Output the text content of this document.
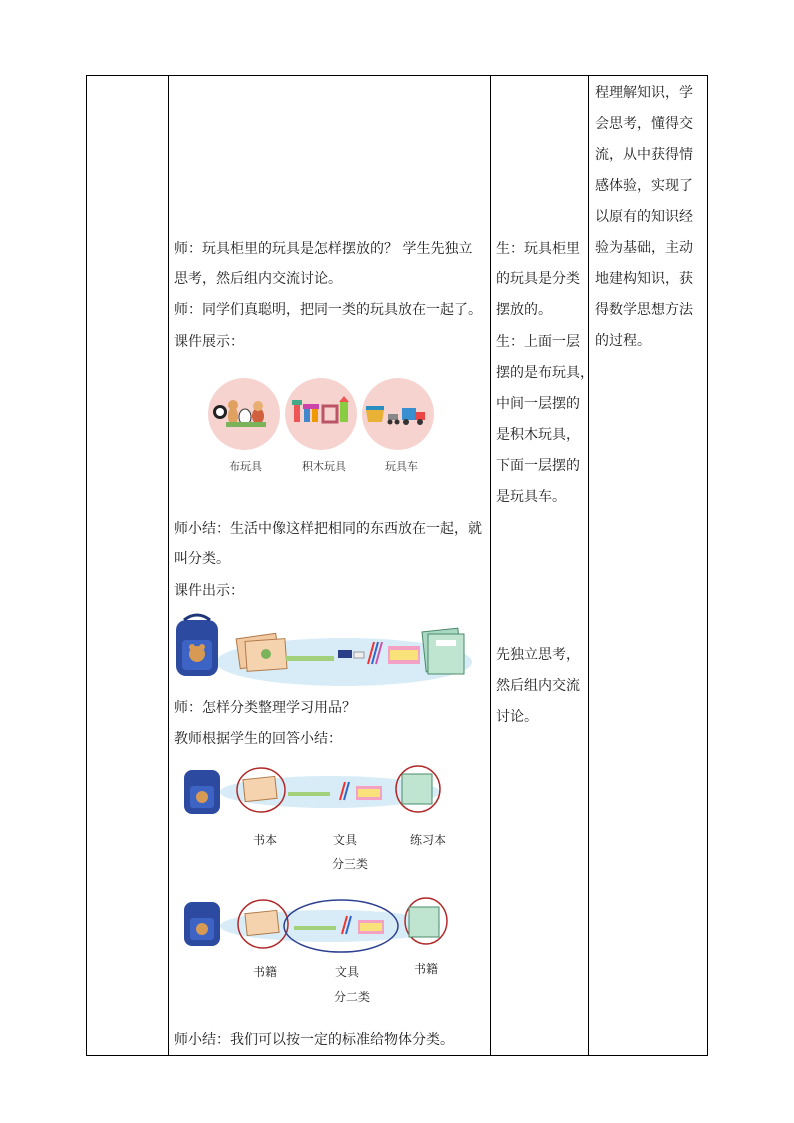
师：玩具柜里的玩具是怎样摆放的？ 学生先独立
思考，然后组内交流讨论。
师：同学们真聪明，把同一类的玩具放在一起了。
课件展示：
布玩具	积木玩具	玩具车
师小结：生活中像这样把相同的东西放在一起，就
叫分类。
课件出示：
师：怎样分类整理学习用品？
教师根据学生的回答小结：
书本	文具	练习本
分三类
书籍	文具	书籍
分二类
师小结：我们可以按一定的标准给物体分类。
生：玩具柜里
的玩具是分类
摆放的。
生：上面一层
摆的是布玩具，
中间一层摆的
是积木玩具，
下面一层摆的
是玩具车。
先独立思考，
然后组内交流
讨论。
程理解知识，学
会思考，懂得交
流，从中获得情
感体验，实现了
以原有的知识经
验为基础，主动
地建构知识，获
得数学思想方法
的过程。
